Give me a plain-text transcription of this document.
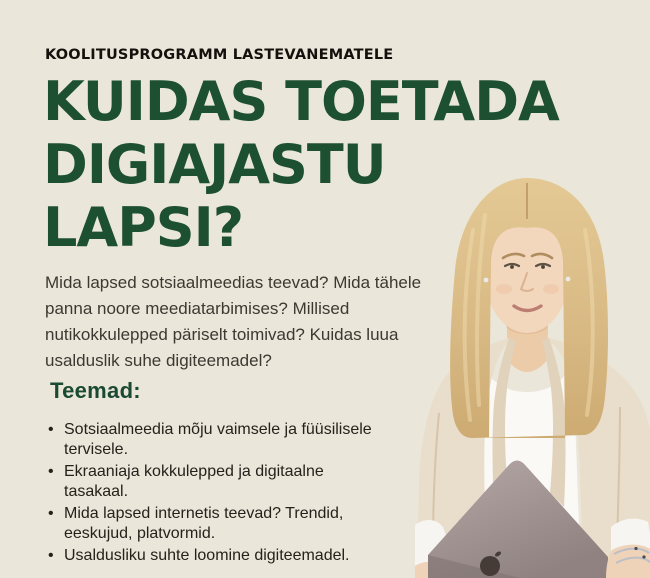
KOOLITUSPROGRAMM LASTEVANEMATELE
KUIDAS TOETADA
DIGIAJASTU
LAPSI?
Mida lapsed sotsiaalmeedias teevad? Mida tähele panna noore meediatarbimises? Millised nutikokkulepped päriselt toimivad? Kuidas luua usalduslik suhe digiteemadel?
Teemad:
• Sotsiaalmeedia mõju vaimsele ja füüsilisele tervisele.
• Ekraaniaja kokkulepped ja digitaalne tasakaal.
• Mida lapsed internetis teevad? Trendid, eeskujud, platvormid.
• Usaldusliku suhte loomine digiteemadel.
